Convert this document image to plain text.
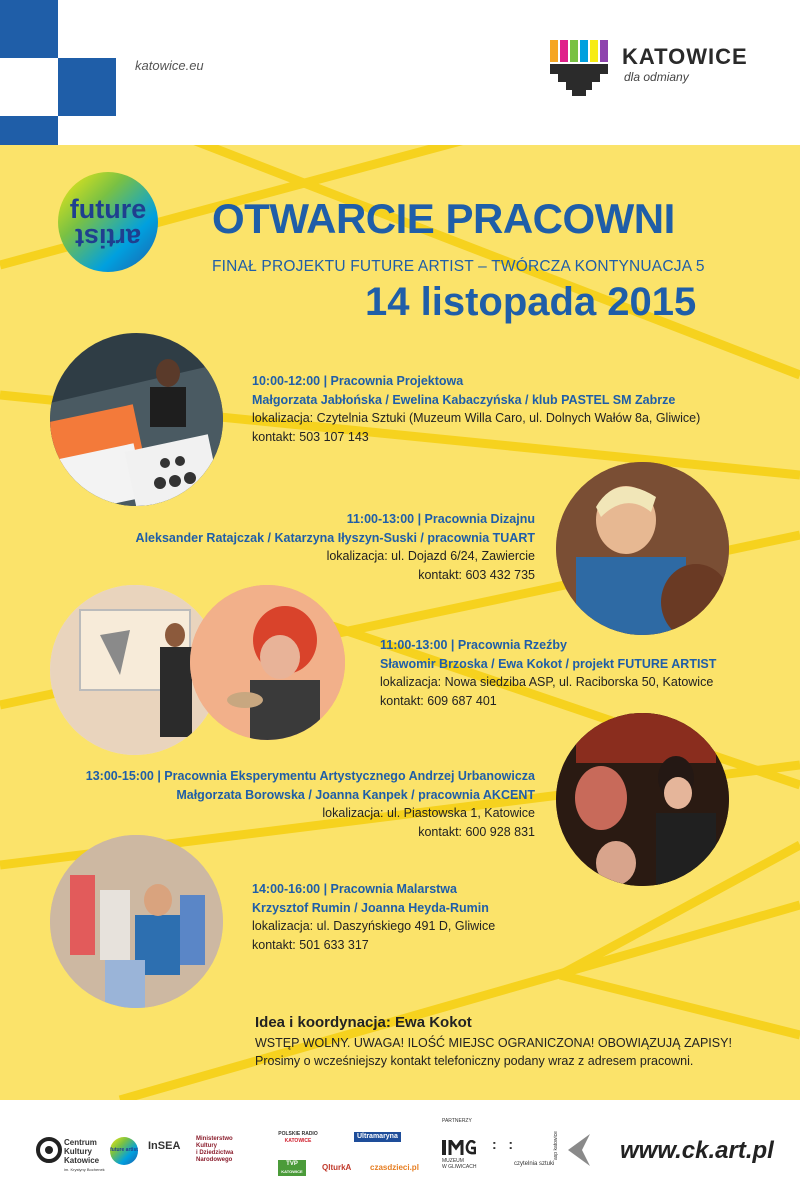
katowice.eu	KATOWICE
dla odmiany
future
artist	OTWARCIE PRACOWNI
FINAŁ PROJEKTU FUTURE ARTIST – TWÓRCZA KONTYNUACJA 5
14 listopada 2015
10:00-12:00 | Pracownia Projektowa
Małgorzata Jabłońska / Ewelina Kabaczyńska / klub PASTEL SM Zabrze
lokalizacja: Czytelnia Sztuki (Muzeum Willa Caro, ul. Dolnych Wałów 8a, Gliwice)
kontakt: 503 107 143
11:00-13:00 | Pracownia Dizajnu
Aleksander Ratajczak / Katarzyna Iłyszyn-Suski / pracownia TUART
lokalizacja: ul. Dojazd 6/24, Zawiercie
kontakt: 603 432 735
11:00-13:00 | Pracownia Rzeźby
Sławomir Brzoska / Ewa Kokot / projekt FUTURE ARTIST
lokalizacja: Nowa siedziba ASP, ul. Raciborska 50, Katowice
kontakt: 609 687 401
13:00-15:00 | Pracownia Eksperymentu Artystycznego Andrzej Urbanowicza
Małgorzata Borowska / Joanna Kanpek / pracownia AKCENT
lokalizacja: ul. Piastowska 1, Katowice
kontakt: 600 928 831
14:00-16:00 | Pracownia Malarstwa
Krzysztof Rumin / Joanna Heyda-Rumin
lokalizacja: ul. Daszyńskiego 491 D, Gliwice
kontakt: 501 633 317
Idea i koordynacja: Ewa Kokot
WSTĘP WOLNY. UWAGA! ILOŚĆ MIEJSC OGRANICZONA! OBOWIĄZUJĄ ZAPISY!
Prosimy o wcześniejszy kontakt telefoniczny podany wraz z adresem pracowni.
Centrum
Kultury
Katowice
im. Krystyny Bochenek
future artist InSEA
Ministerstwo
Kultury
i Dziedzictwa
Narodowego
POLSKIE RADIO
KATOWICE
TVP
KATOWICE
Ultramaryna
QlturkA czasdzieci.pl
PARTNERZY
MUZEUM
W GLIWICACH
:   :
czytelnia sztuki
asp katowice	www.ck.art.pl
